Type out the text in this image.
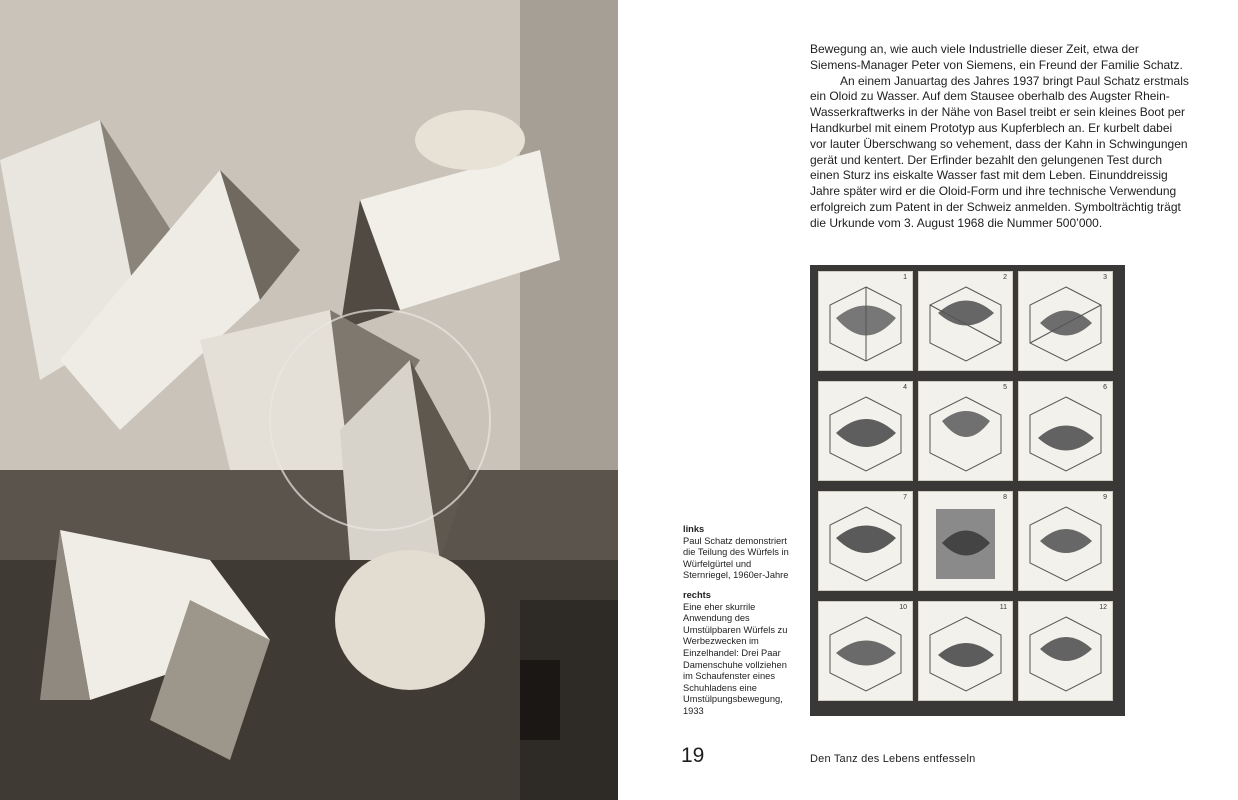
Bewegung an, wie auch viele Industrielle dieser Zeit, etwa der Siemens-Manager Peter von Siemens, ein Freund der Familie Schatz.

An einem Januartag des Jahres 1937 bringt Paul Schatz erstmals ein Oloid zu Wasser. Auf dem Stausee oberhalb des Augster Rhein-Wasserkraftwerks in der Nähe von Basel treibt er sein kleines Boot per Handkurbel mit einem Prototyp aus Kupferblech an. Er kurbelt dabei vor lauter Überschwang so vehement, dass der Kahn in Schwingungen gerät und kentert. Der Erfinder bezahlt den gelungenen Test durch einen Sturz ins eiskalte Wasser fast mit dem Leben. Einunddreissig Jahre später wird er die Oloid-Form und ihre technische Verwendung erfolgreich zum Patent in der Schweiz anmelden. Symbolträchtig trägt die Urkunde vom 3. August 1968 die Nummer 500’000.

links
Paul Schatz demonstriert die Teilung des Würfels in Würfelgürtel und Sternriegel, 1960er-Jahre
rechts
Eine eher skurrile Anwendung des Umstülpbaren Würfels zu Werbezwecken im Einzelhandel: Drei Paar Damenschuhe vollziehen im Schaufenster eines Schuhladens eine Umstülpungsbewegung, 1933
1	2	3
4	5	6
7	8	9
10	11	12
19	Den Tanz des Lebens entfesseln
